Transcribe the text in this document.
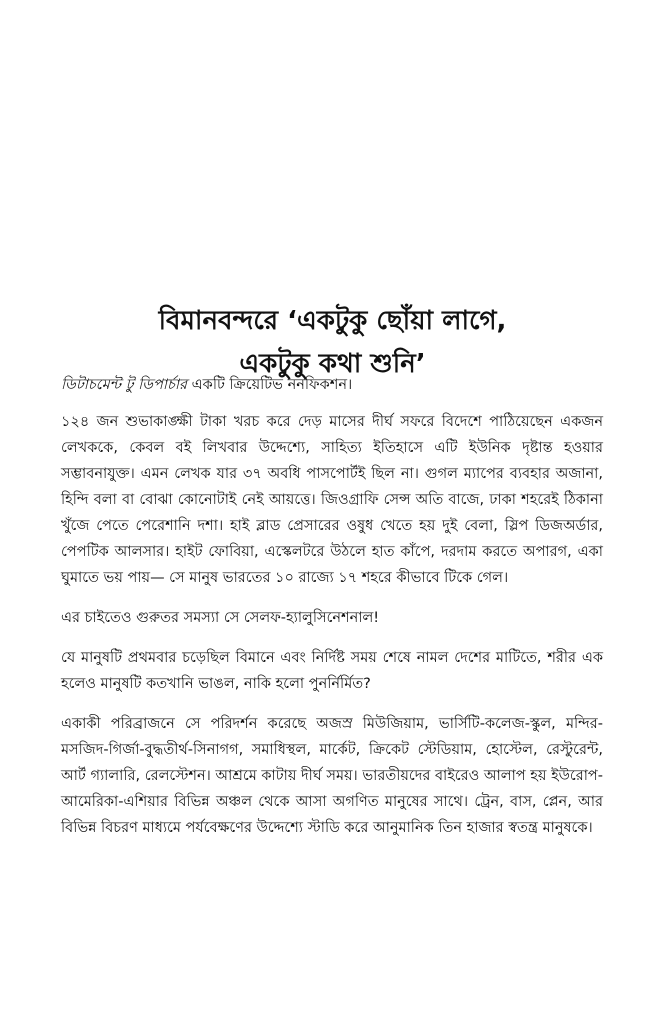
বিমানবন্দরে ‘একটুকু ছোঁয়া লাগে,
একটুকু কথা শুনি’

ডিটাচমেন্ট টু ডিপার্চার একটি ক্রিয়েটিভ ননফিকশন।

১২৪ জন শুভাকাঙ্ক্ষী টাকা খরচ করে দেড় মাসের দীর্ঘ সফরে বিদেশে পাঠিয়েছেন একজন লেখককে, কেবল বই লিখবার উদ্দেশ্যে, সাহিত্য ইতিহাসে এটি ইউনিক দৃষ্টান্ত হওয়ার সম্ভাবনাযুক্ত। এমন লেখক যার ৩৭ অবধি পাসপোর্টই ছিল না। গুগল ম্যাপের ব্যবহার অজানা, হিন্দি বলা বা বোঝা কোনোটাই নেই আয়ত্তে। জিওগ্রাফি সেন্স অতি বাজে, ঢাকা শহরেই ঠিকানা খুঁজে পেতে পেরেশানি দশা। হাই ব্লাড প্রেসারের ওষুধ খেতে হয় দুই বেলা, স্লিপ ডিজঅর্ডার, পেপটিক আলসার। হাইট ফোবিয়া, এস্কেলটরে উঠলে হাত কাঁপে, দরদাম করতে অপারগ, একা ঘুমাতে ভয় পায়— সে মানুষ ভারতের ১০ রাজ্যে ১৭ শহরে কীভাবে টিকে গেল।

এর চাইতেও গুরুতর সমস্যা সে সেলফ-হ্যালুসিনেশনাল!

যে মানুষটি প্রথমবার চড়েছিল বিমানে এবং নির্দিষ্ট সময় শেষে নামল দেশের মাটিতে, শরীর এক হলেও মানুষটি কতখানি ভাঙল, নাকি হলো পুনর্নির্মিত?

একাকী পরিব্রাজনে সে পরিদর্শন করেছে অজস্র মিউজিয়াম, ভার্সিটি-কলেজ-স্কুল, মন্দির-মসজিদ-গির্জা-বুদ্ধতীর্থ-সিনাগগ, সমাধিস্থল, মার্কেট, ক্রিকেট স্টেডিয়াম, হোস্টেল, রেস্টুরেন্ট, আর্ট গ্যালারি, রেলস্টেশন। আশ্রমে কাটায় দীর্ঘ সময়। ভারতীয়দের বাইরেও আলাপ হয় ইউরোপ-আমেরিকা-এশিয়ার বিভিন্ন অঞ্চল থেকে আসা অগণিত মানুষের সাথে। ট্রেন, বাস, প্লেন, আর বিভিন্ন বিচরণ মাধ্যমে পর্যবেক্ষণের উদ্দেশ্যে স্টাডি করে আনুমানিক তিন হাজার স্বতন্ত্র মানুষকে।
